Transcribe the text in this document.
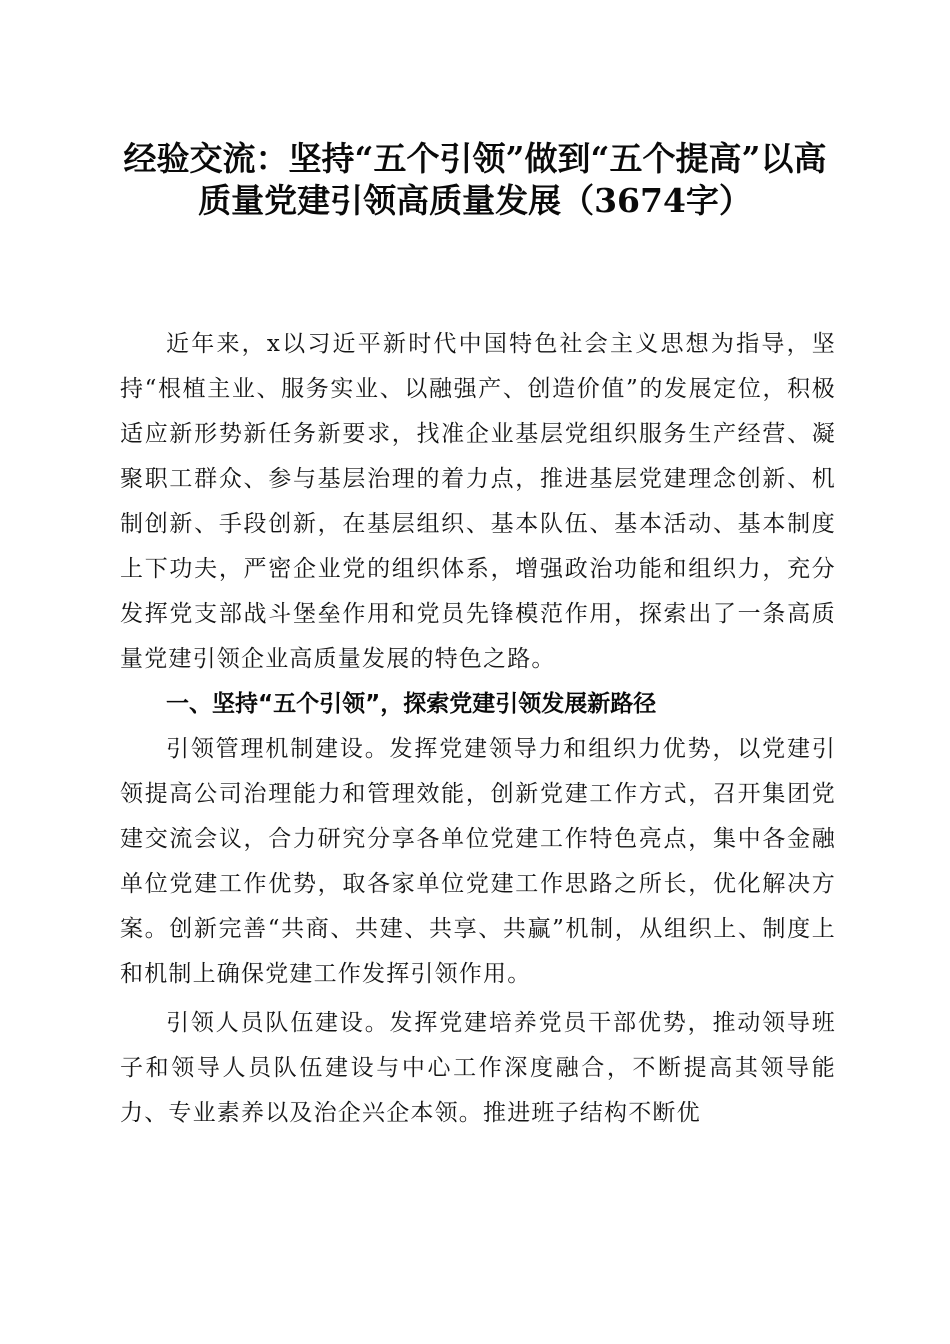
经验交流：坚持“五个引领”做到“五个提高”以高质量党建引领高质量发展（3674字）

近年来，x以习近平新时代中国特色社会主义思想为指导，坚持“根植主业、服务实业、以融强产、创造价值”的发展定位，积极适应新形势新任务新要求，找准企业基层党组织服务生产经营、凝聚职工群众、参与基层治理的着力点，推进基层党建理念创新、机制创新、手段创新，在基层组织、基本队伍、基本活动、基本制度上下功夫，严密企业党的组织体系，增强政治功能和组织力，充分发挥党支部战斗堡垒作用和党员先锋模范作用，探索出了一条高质量党建引领企业高质量发展的特色之路。

一、坚持“五个引领”，探索党建引领发展新路径

引领管理机制建设。发挥党建领导力和组织力优势，以党建引领提高公司治理能力和管理效能，创新党建工作方式，召开集团党建交流会议，合力研究分享各单位党建工作特色亮点，集中各金融单位党建工作优势，取各家单位党建工作思路之所长，优化解决方案。创新完善“共商、共建、共享、共赢”机制，从组织上、制度上和机制上确保党建工作发挥引领作用。

引领人员队伍建设。发挥党建培养党员干部优势，推动领导班子和领导人员队伍建设与中心工作深度融合，不断提高其领导能力、专业素养以及治企兴企本领。推进班子结构不断优
